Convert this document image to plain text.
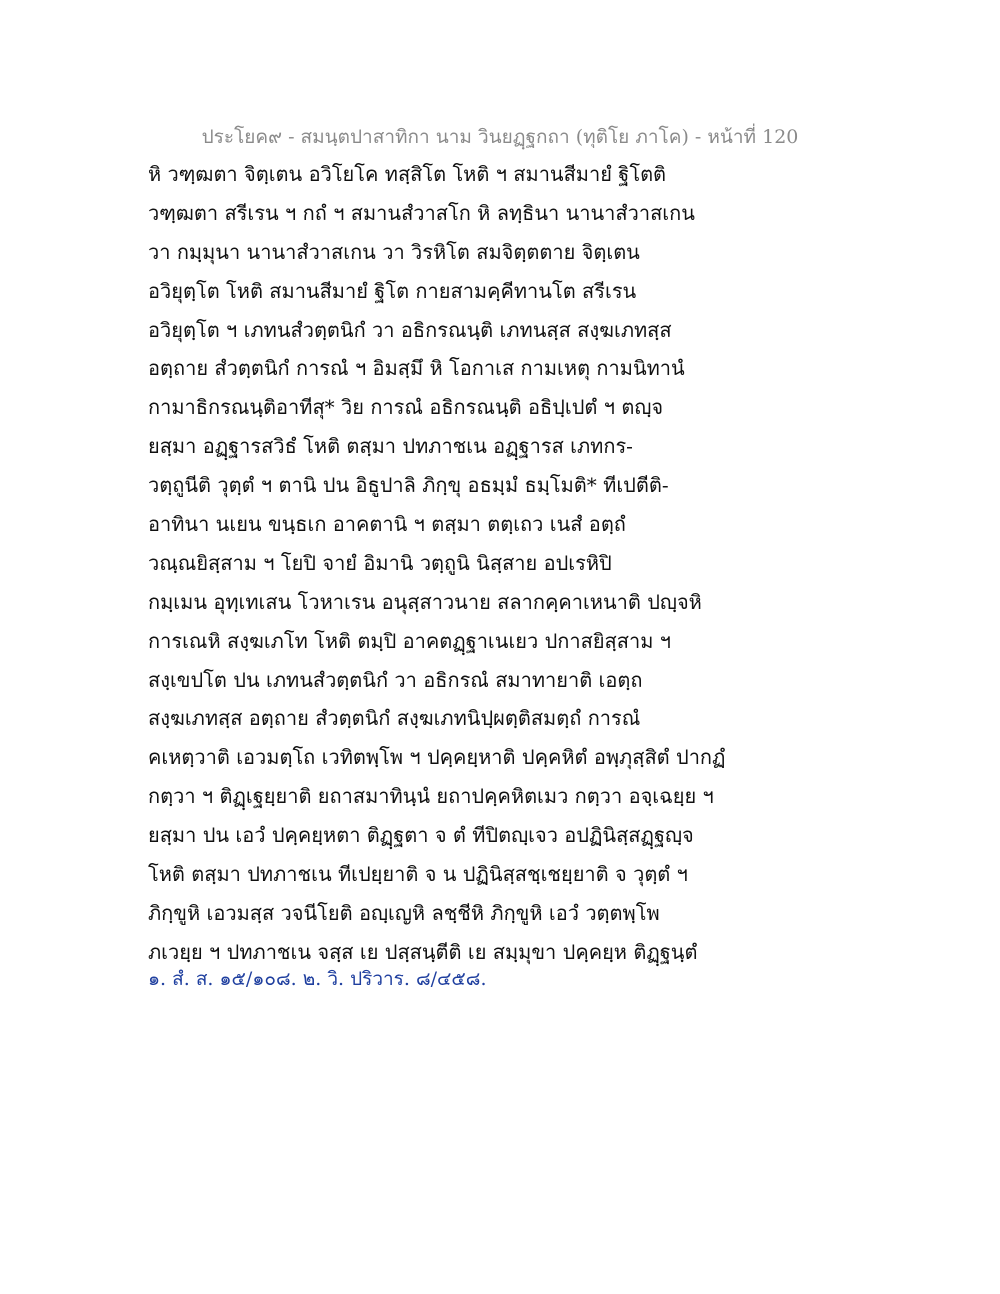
ประโยค๙ - สมนฺตปาสาทิกา นาม วินยฏฺฐกถา (ทุติโย ภาโค) - หน้าที่ 120
หิ วฑฺฒตา จิตฺเตน อวิโยโค ทสฺสิโต โหติ ฯ สมานสีมายํ ฐิโตติ
วฑฺฒตา สรีเรน ฯ กถํ ฯ สมานสํวาสโก หิ ลทฺธินา นานาสํวาสเกน
วา กมฺมุนา นานาสํวาสเกน วา วิรหิโต สมจิตฺตตาย จิตฺเตน
อวิยุตฺโต โหติ สมานสีมายํ ฐิโต กายสามคฺคีทานโต สรีเรน
อวิยุตฺโต ฯ เภทนสํวตฺตนิกํ วา อธิกรณนฺติ เภทนสฺส สงฺฆเภทสฺส
อตฺถาย สํวตฺตนิกํ การณํ ฯ อิมสฺมึ หิ โอกาเส กามเหตุ กามนิทานํ
กามาธิกรณนฺติอาทีสุ* วิย การณํ อธิกรณนฺติ อธิปฺเปตํ ฯ ตญฺจ
ยสฺมา อฏฺฐารสวิธํ โหติ ตสฺมา ปทภาชเน อฏฺฐารส เภทกร-
วตฺถูนีติ วุตฺตํ ฯ ตานิ ปน อิธูปาลิ ภิกฺขุ อธมฺมํ ธมฺโมติ* ทีเปตีติ-
อาทินา นเยน ขนฺธเก อาคตานิ ฯ ตสฺมา ตตฺเถว เนสํ อตฺถํ
วณฺณยิสฺสาม ฯ โยปิ จายํ อิมานิ วตฺถูนิ นิสฺสาย อปเรหิปิ
กมฺเมน อุทฺเทเสน โวหาเรน อนุสฺสาวนาย สลากคฺคาเหนาติ ปญฺจหิ
การเณหิ สงฺฆเภโท โหติ ตมฺปิ อาคตฏฺฐาเนเยว ปกาสยิสฺสาม ฯ
สงฺเขปโต ปน เภทนสํวตฺตนิกํ วา อธิกรณํ สมาทายาติ เอตฺถ
สงฺฆเภทสฺส อตฺถาย สํวตฺตนิกํ สงฺฆเภทนิปฺผตฺติสมตฺถํ การณํ
คเหตฺวาติ เอวมตฺโถ เวทิตพฺโพ ฯ ปคฺคยฺหาติ ปคฺคหิตํ อพฺภุสฺสิตํ ปากฏํ
กตฺวา ฯ ติฏฺเฐยฺยาติ ยถาสมาทินฺนํ ยถาปคฺคหิตเมว กตฺวา อจฺเฉยฺย ฯ
ยสฺมา ปน เอวํ ปคฺคยฺหตา ติฏฺฐตา จ ตํ ทีปิตญฺเจว อปฏินิสฺสฏฺฐญฺจ
โหติ ตสฺมา ปทภาชเน ทีเปยฺยาติ จ น ปฏินิสฺสชฺเชยฺยาติ จ วุตฺตํ ฯ
ภิกฺขูหิ เอวมสฺส วจนีโยติ อญฺเญหิ ลชฺชีหิ ภิกฺขูหิ เอวํ วตฺตพฺโพ
ภเวยฺย ฯ ปทภาชเน จสฺส เย ปสฺสนฺตีติ เย สมฺมุขา ปคฺคยฺห ติฏฺฐนฺตํ
๑. สํ. ส. ๑๕/๑๐๘. ๒. วิ. ปริวาร. ๘/๔๕๘.
